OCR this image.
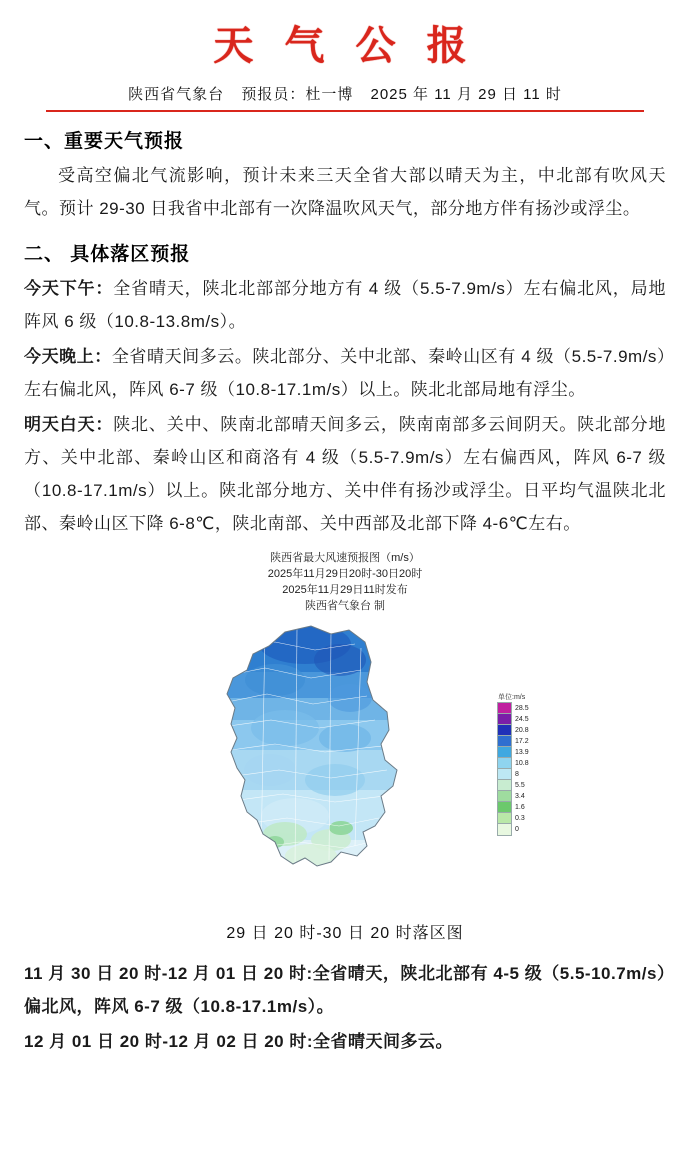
天 气 公 报
陕西省气象台 预报员：杜一博 2025 年 11 月 29 日 11 时
一、重要天气预报

受高空偏北气流影响，预计未来三天全省大部以晴天为主，中北部有吹风天气。预计 29-30 日我省中北部有一次降温吹风天气，部分地方伴有扬沙或浮尘。

二、 具体落区预报
今天下午：全省晴天，陕北北部部分地方有 4 级（5.5-7.9m/s）左右偏北风，局地阵风 6 级（10.8-13.8m/s）。
今天晚上：全省晴天间多云。陕北部分、关中北部、秦岭山区有 4 级（5.5-7.9m/s）左右偏北风，阵风 6-7 级（10.8-17.1m/s）以上。陕北北部局地有浮尘。
明天白天：陕北、关中、陕南北部晴天间多云，陕南南部多云间阴天。陕北部分地方、关中北部、秦岭山区和商洛有 4 级（5.5-7.9m/s）左右偏西风，阵风 6-7 级（10.8-17.1m/s）以上。陕北部分地方、关中伴有扬沙或浮尘。日平均气温陕北北部、秦岭山区下降 6-8℃，陕北南部、关中西部及北部下降 4-6℃左右。
陕西省最大风速预报图（m/s）
2025年11月29日20时-30日20时
2025年11月29日11时发布
陕西省气象台 制
单位:m/s
28.5
24.5
20.8
17.2
13.9
10.8
8
5.5
3.4
1.6
0.3
0
29 日 20 时-30 日 20 时落区图
11 月 30 日 20 时-12 月 01 日 20 时:全省晴天，陕北北部有 4-5 级（5.5-10.7m/s）偏北风，阵风 6-7 级（10.8-17.1m/s）。
12 月 01 日 20 时-12 月 02 日 20 时:全省晴天间多云。
